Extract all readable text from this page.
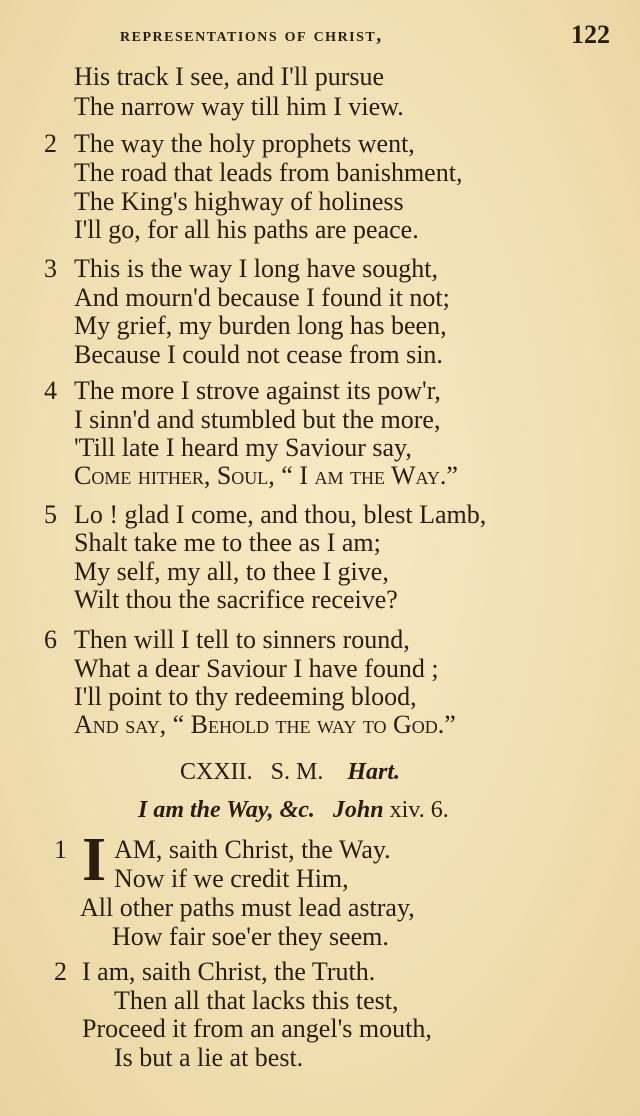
representations of christ,	122
His track I see, and I'll pursue
The narrow way till him I view.
2 The way the holy prophets went,
The road that leads from banishment,
The King's highway of holiness
I'll go, for all his paths are peace.
3 This is the way I long have sought,
And mourn'd because I found it not;
My grief, my burden long has been,
Because I could not cease from sin.
4 The more I strove against its pow'r,
I sinn'd and stumbled but the more,
'Till late I heard my Saviour say,
Come hither, Soul, “ I am the Way.”
5 Lo ! glad I come, and thou, blest Lamb,
Shalt take me to thee as I am;
My self, my all, to thee I give,
Wilt thou the sacrifice receive?
6 Then will I tell to sinners round,
What a dear Saviour I have found ;
I'll point to thy redeeming blood,
And say, “ Behold the way to God.”
CXXII. S. M. Hart.
I am the Way, &c. John xiv. 6.
1 I AM, saith Christ, the Way.
Now if we credit Him,
All other paths must lead astray,
How fair soe'er they seem.
2 I am, saith Christ, the Truth.
Then all that lacks this test,
Proceed it from an angel's mouth,
Is but a lie at best.
